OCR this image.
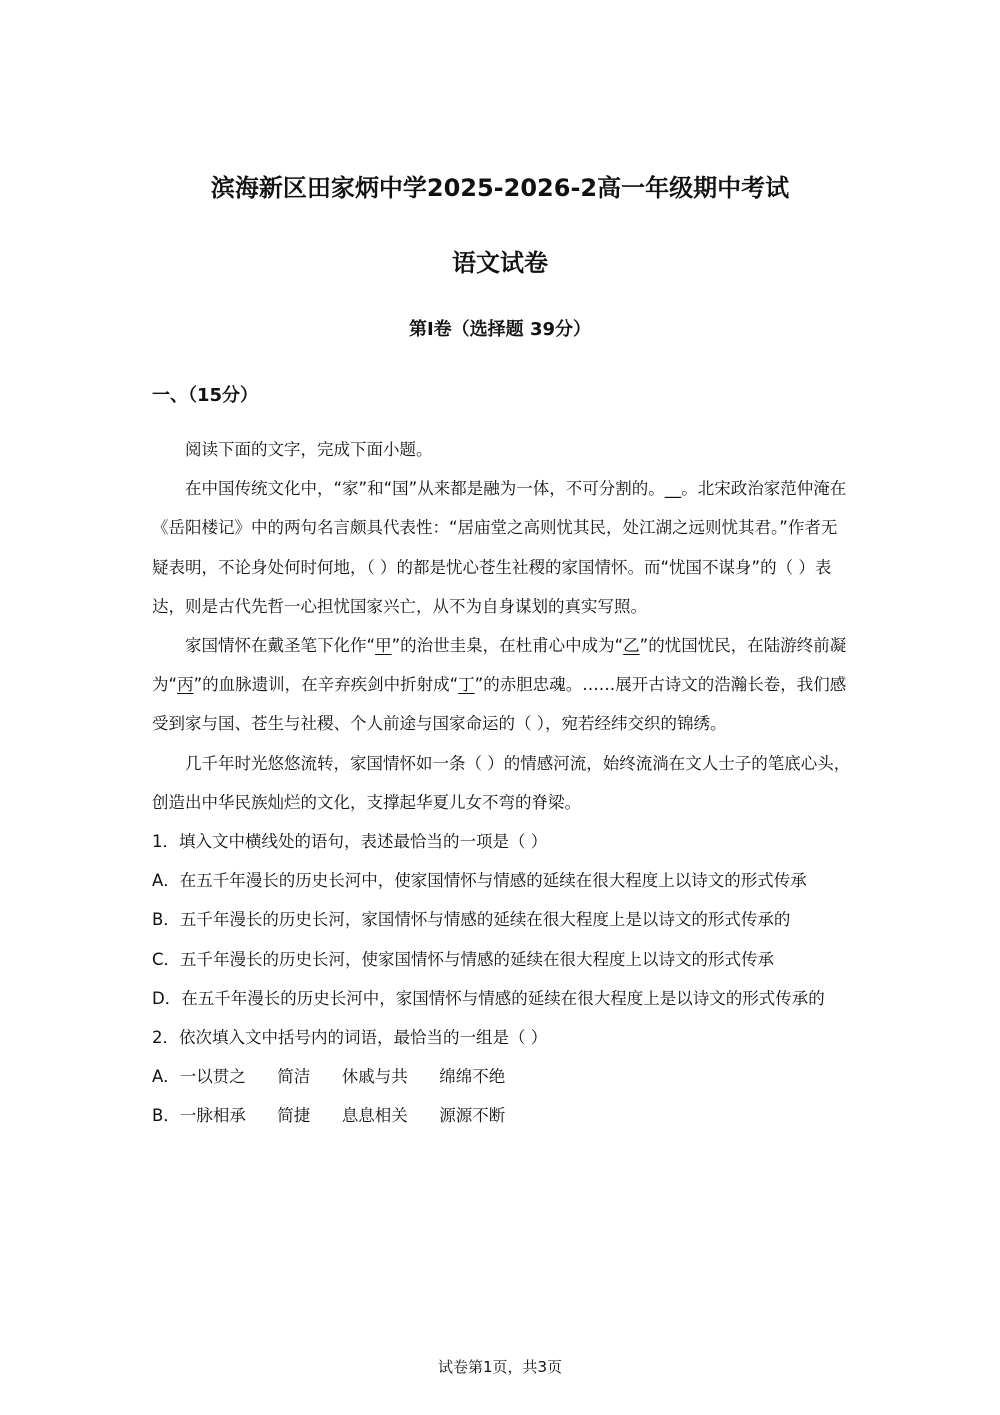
滨海新区田家炳中学2025-2026-2高一年级期中考试
语文试卷
第I卷（选择题 39分）
一、（15分）

阅读下面的文字，完成下面小题。

在中国传统文化中，“家”和“国”从来都是融为一体，不可分割的。__。北宋政治家范仲淹在《岳阳楼记》中的两句名言颇具代表性：“居庙堂之高则忧其民，处江湖之远则忧其君。”作者无疑表明，不论身处何时何地，（ ）的都是忧心苍生社稷的家国情怀。而“忧国不谋身”的（ ）表达，则是古代先哲一心担忧国家兴亡，从不为自身谋划的真实写照。

家国情怀在戴圣笔下化作“甲”的治世圭臬，在杜甫心中成为“乙”的忧国忧民，在陆游终前凝为“丙”的血脉遗训，在辛弃疾剑中折射成“丁”的赤胆忠魂。……展开古诗文的浩瀚长卷，我们感受到家与国、苍生与社稷、个人前途与国家命运的（ ），宛若经纬交织的锦绣。

几千年时光悠悠流转，家国情怀如一条（ ）的情感河流，始终流淌在文人士子的笔底心头，创造出中华民族灿烂的文化，支撑起华夏儿女不弯的脊梁。

1．填入文中横线处的语句，表述最恰当的一项是（ ）

A．在五千年漫长的历史长河中，使家国情怀与情感的延续在很大程度上以诗文的形式传承

B．五千年漫长的历史长河，家国情怀与情感的延续在很大程度上是以诗文的形式传承的

C．五千年漫长的历史长河，使家国情怀与情感的延续在很大程度上以诗文的形式传承

D．在五千年漫长的历史长河中，家国情怀与情感的延续在很大程度上是以诗文的形式传承的

2．依次填入文中括号内的词语，最恰当的一组是（ ）

A．一以贯之      简洁      休戚与共      绵绵不绝

B．一脉相承      简捷      息息相关      源源不断

试卷第1页，共3页
